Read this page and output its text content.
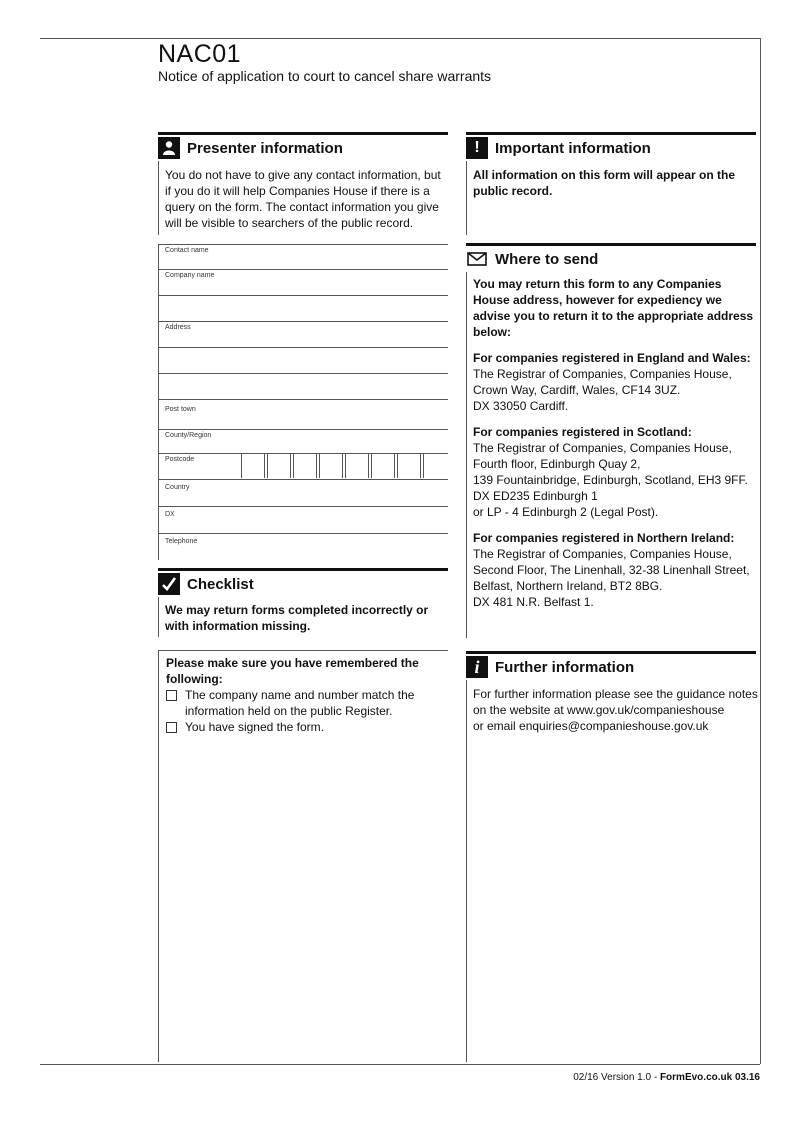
NAC01
Notice of application to court to cancel share warrants
Presenter information
You do not have to give any contact information, but if you do it will help Companies House if there is a query on the form. The contact information you give will be visible to searchers of the public record.
Contact name
Company name
Address
Post town
County/Region
Postcode
Country
DX
Telephone
Checklist
We may return forms completed incorrectly or with information missing.
Please make sure you have remembered the following:
The company name and number match the information held on the public Register.
You have signed the form.
!	Important information
All information on this form will appear on the public record.
Where to send
You may return this form to any Companies House address, however for expediency we advise you to return it to the appropriate address below:
For companies registered in England and Wales:
The Registrar of Companies, Companies House,
Crown Way, Cardiff, Wales, CF14 3UZ.
DX 33050 Cardiff.
For companies registered in Scotland:
The Registrar of Companies, Companies House,
Fourth floor, Edinburgh Quay 2,
139 Fountainbridge, Edinburgh, Scotland, EH3 9FF.
DX ED235 Edinburgh 1
or LP - 4 Edinburgh 2 (Legal Post).
For companies registered in Northern Ireland:
The Registrar of Companies, Companies House,
Second Floor, The Linenhall, 32-38 Linenhall Street,
Belfast, Northern Ireland, BT2 8BG.
DX 481 N.R. Belfast 1.
i	Further information
For further information please see the guidance notes
on the website at www.gov.uk/companieshouse
or email enquiries@companieshouse.gov.uk
02/16 Version 1.0 - FormEvo.co.uk 03.16
